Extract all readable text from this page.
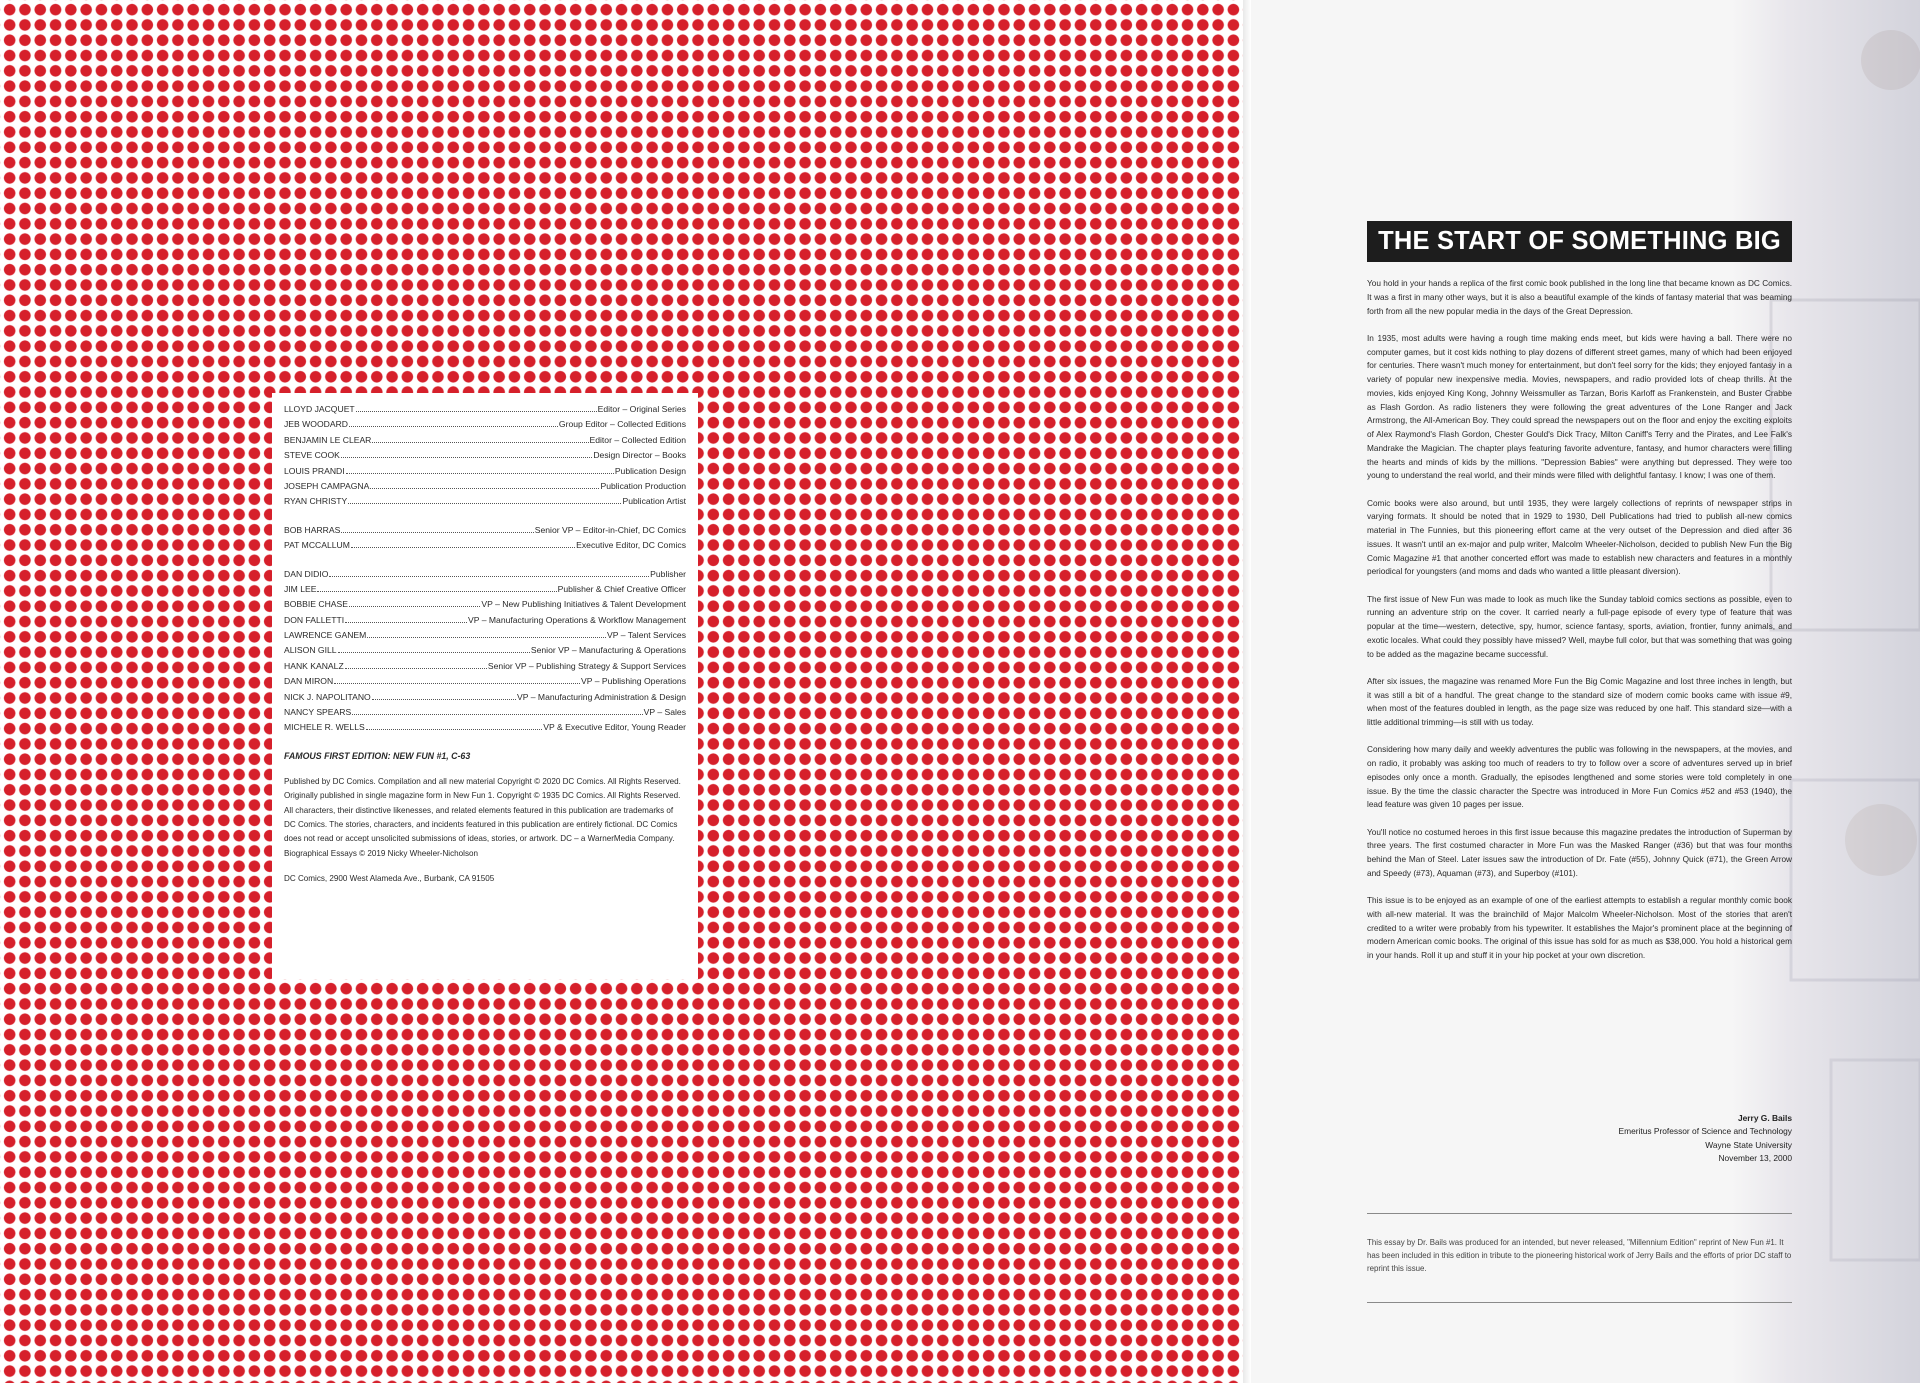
LLOYD JACQUET	Editor – Original Series
JEB WOODARD	Group Editor – Collected Editions
BENJAMIN LE CLEAR	Editor – Collected Edition
STEVE COOK	Design Director – Books
LOUIS PRANDI	Publication Design
JOSEPH CAMPAGNA	Publication Production
RYAN CHRISTY	Publication Artist
BOB HARRAS	Senior VP – Editor-in-Chief, DC Comics
PAT MCCALLUM	Executive Editor, DC Comics
DAN DIDIO	Publisher
JIM LEE	Publisher & Chief Creative Officer
BOBBIE CHASE	VP – New Publishing Initiatives & Talent Development
DON FALLETTI	VP – Manufacturing Operations & Workflow Management
LAWRENCE GANEM	VP – Talent Services
ALISON GILL	Senior VP – Manufacturing & Operations
HANK KANALZ	Senior VP – Publishing Strategy & Support Services
DAN MIRON	VP – Publishing Operations
NICK J. NAPOLITANO	VP – Manufacturing Administration & Design
NANCY SPEARS	VP – Sales
MICHELE R. WELLS	VP & Executive Editor, Young Reader
FAMOUS FIRST EDITION: NEW FUN #1, C-63
Published by DC Comics. Compilation and all new material Copyright © 2020 DC Comics. All Rights Reserved. Originally published in single magazine form in New Fun 1. Copyright © 1935 DC Comics. All Rights Reserved. All characters, their distinctive likenesses, and related elements featured in this publication are trademarks of DC Comics. The stories, characters, and incidents featured in this publication are entirely fictional. DC Comics does not read or accept unsolicited submissions of ideas, stories, or artwork. DC – a WarnerMedia Company.
Biographical Essays © 2019 Nicky Wheeler-Nicholson
DC Comics, 2900 West Alameda Ave., Burbank, CA 91505
THE START OF SOMETHING BIG

You hold in your hands a replica of the first comic book published in the long line that became known as DC Comics. It was a first in many other ways, but it is also a beautiful example of the kinds of fantasy material that was beaming forth from all the new popular media in the days of the Great Depression.

In 1935, most adults were having a rough time making ends meet, but kids were having a ball. There were no computer games, but it cost kids nothing to play dozens of different street games, many of which had been enjoyed for centuries. There wasn't much money for entertainment, but don't feel sorry for the kids; they enjoyed fantasy in a variety of popular new inexpensive media. Movies, newspapers, and radio provided lots of cheap thrills. At the movies, kids enjoyed King Kong, Johnny Weissmuller as Tarzan, Boris Karloff as Frankenstein, and Buster Crabbe as Flash Gordon. As radio listeners they were following the great adventures of the Lone Ranger and Jack Armstrong, the All-American Boy. They could spread the newspapers out on the floor and enjoy the exciting exploits of Alex Raymond's Flash Gordon, Chester Gould's Dick Tracy, Milton Caniff's Terry and the Pirates, and Lee Falk's Mandrake the Magician. The chapter plays featuring favorite adventure, fantasy, and humor characters were filling the hearts and minds of kids by the millions. "Depression Babies" were anything but depressed. They were too young to understand the real world, and their minds were filled with delightful fantasy. I know; I was one of them.

Comic books were also around, but until 1935, they were largely collections of reprints of newspaper strips in varying formats. It should be noted that in 1929 to 1930, Dell Publications had tried to publish all-new comics material in The Funnies, but this pioneering effort came at the very outset of the Depression and died after 36 issues. It wasn't until an ex-major and pulp writer, Malcolm Wheeler-Nicholson, decided to publish New Fun the Big Comic Magazine #1 that another concerted effort was made to establish new characters and features in a monthly periodical for youngsters (and moms and dads who wanted a little pleasant diversion).

The first issue of New Fun was made to look as much like the Sunday tabloid comics sections as possible, even to running an adventure strip on the cover. It carried nearly a full-page episode of every type of feature that was popular at the time—western, detective, spy, humor, science fantasy, sports, aviation, frontier, funny animals, and exotic locales. What could they possibly have missed? Well, maybe full color, but that was something that was going to be added as the magazine became successful.

After six issues, the magazine was renamed More Fun the Big Comic Magazine and lost three inches in length, but it was still a bit of a handful. The great change to the standard size of modern comic books came with issue #9, when most of the features doubled in length, as the page size was reduced by one half. This standard size—with a little additional trimming—is still with us today.

Considering how many daily and weekly adventures the public was following in the newspapers, at the movies, and on radio, it probably was asking too much of readers to try to follow over a score of adventures served up in brief episodes only once a month. Gradually, the episodes lengthened and some stories were told completely in one issue. By the time the classic character the Spectre was introduced in More Fun Comics #52 and #53 (1940), the lead feature was given 10 pages per issue.

You'll notice no costumed heroes in this first issue because this magazine predates the introduction of Superman by three years. The first costumed character in More Fun was the Masked Ranger (#36) but that was four months behind the Man of Steel. Later issues saw the introduction of Dr. Fate (#55), Johnny Quick (#71), the Green Arrow and Speedy (#73), Aquaman (#73), and Superboy (#101).

This issue is to be enjoyed as an example of one of the earliest attempts to establish a regular monthly comic book with all-new material. It was the brainchild of Major Malcolm Wheeler-Nicholson. Most of the stories that aren't credited to a writer were probably from his typewriter. It establishes the Major's prominent place at the beginning of modern American comic books. The original of this issue has sold for as much as $38,000. You hold a historical gem in your hands. Roll it up and stuff it in your hip pocket at your own discretion.

Jerry G. Bails
Emeritus Professor of Science and Technology
Wayne State University
November 13, 2000
This essay by Dr. Bails was produced for an intended, but never released, "Millennium Edition" reprint of New Fun #1. It has been included in this edition in tribute to the pioneering historical work of Jerry Bails and the efforts of prior DC staff to reprint this issue.
